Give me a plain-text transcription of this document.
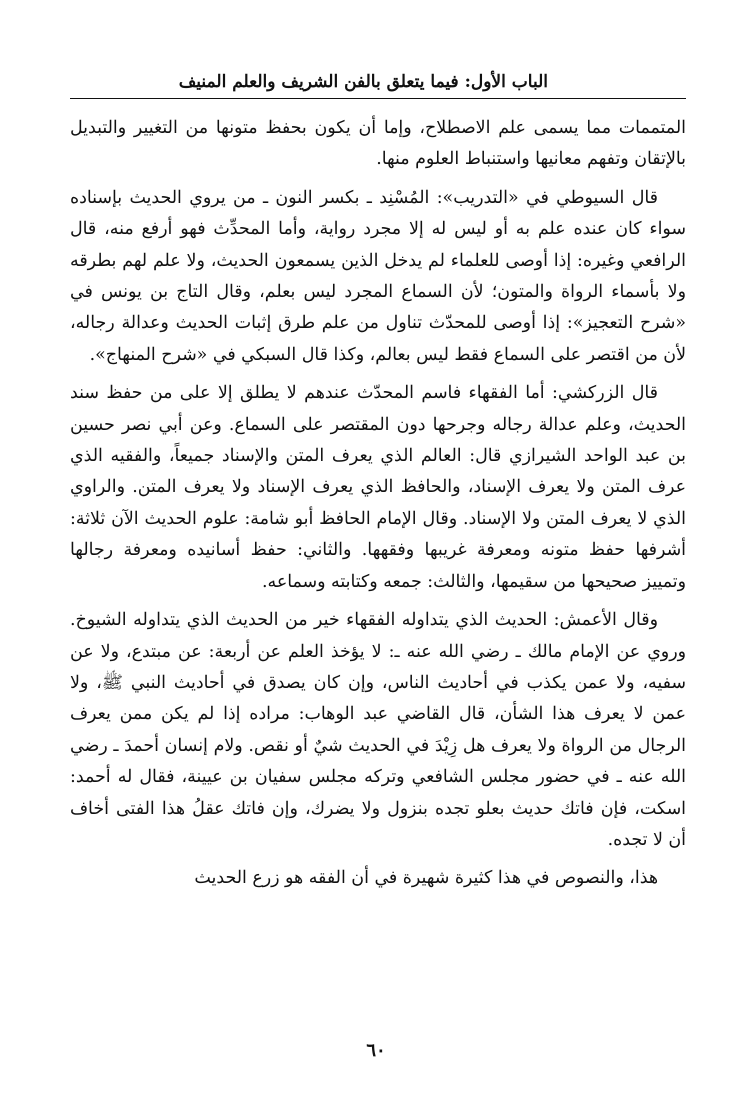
الباب الأول: فيما يتعلق بالفن الشريف والعلم المنيف

المتممات مما يسمى علم الاصطلاح، وإما أن يكون بحفظ متونها من التغيير والتبديل بالإتقان وتفهم معانيها واستنباط العلوم منها.

قال السيوطي في «التدريب»: المُسْنِد ـ بكسر النون ـ من يروي الحديث بإسناده سواء كان عنده علم به أو ليس له إلا مجرد رواية، وأما المحدِّث فهو أرفع منه، قال الرافعي وغيره: إذا أوصى للعلماء لم يدخل الذين يسمعون الحديث، ولا علم لهم بطرقه ولا بأسماء الرواة والمتون؛ لأن السماع المجرد ليس بعلم، وقال التاج بن يونس في «شرح التعجيز»: إذا أوصى للمحدّث تناول من علم طرق إثبات الحديث وعدالة رجاله، لأن من اقتصر على السماع فقط ليس بعالم، وكذا قال السبكي في «شرح المنهاج».

قال الزركشي: أما الفقهاء فاسم المحدّث عندهم لا يطلق إلا على من حفظ سند الحديث، وعلم عدالة رجاله وجرحها دون المقتصر على السماع. وعن أبي نصر حسين بن عبد الواحد الشيرازي قال: العالم الذي يعرف المتن والإسناد جميعاً، والفقيه الذي عرف المتن ولا يعرف الإسناد، والحافظ الذي يعرف الإسناد ولا يعرف المتن. والراوي الذي لا يعرف المتن ولا الإسناد. وقال الإمام الحافظ أبو شامة: علوم الحديث الآن ثلاثة: أشرفها حفظ متونه ومعرفة غريبها وفقهها. والثاني: حفظ أسانيده ومعرفة رجالها وتمييز صحيحها من سقيمها، والثالث: جمعه وكتابته وسماعه.

وقال الأعمش: الحديث الذي يتداوله الفقهاء خير من الحديث الذي يتداوله الشيوخ. وروي عن الإمام مالك ـ رضي الله عنه ـ: لا يؤخذ العلم عن أربعة: عن مبتدع، ولا عن سفيه، ولا عمن يكذب في أحاديث الناس، وإن كان يصدق في أحاديث النبي ﷺ، ولا عمن لا يعرف هذا الشأن، قال القاضي عبد الوهاب: مراده إذا لم يكن ممن يعرف الرجال من الرواة ولا يعرف هل زِيْدَ في الحديث شيٌ أو نقص. ولام إنسان أحمدَ ـ رضي الله عنه ـ في حضور مجلس الشافعي وتركه مجلس سفيان بن عيينة، فقال له أحمد: اسكت، فإن فاتك حديث بعلو تجده بنزول ولا يضرك، وإن فاتك عقلُ هذا الفتى أخاف أن لا تجده.

هذا، والنصوص في هذا كثيرة شهيرة في أن الفقه هو زرع الحديث

٦٠
